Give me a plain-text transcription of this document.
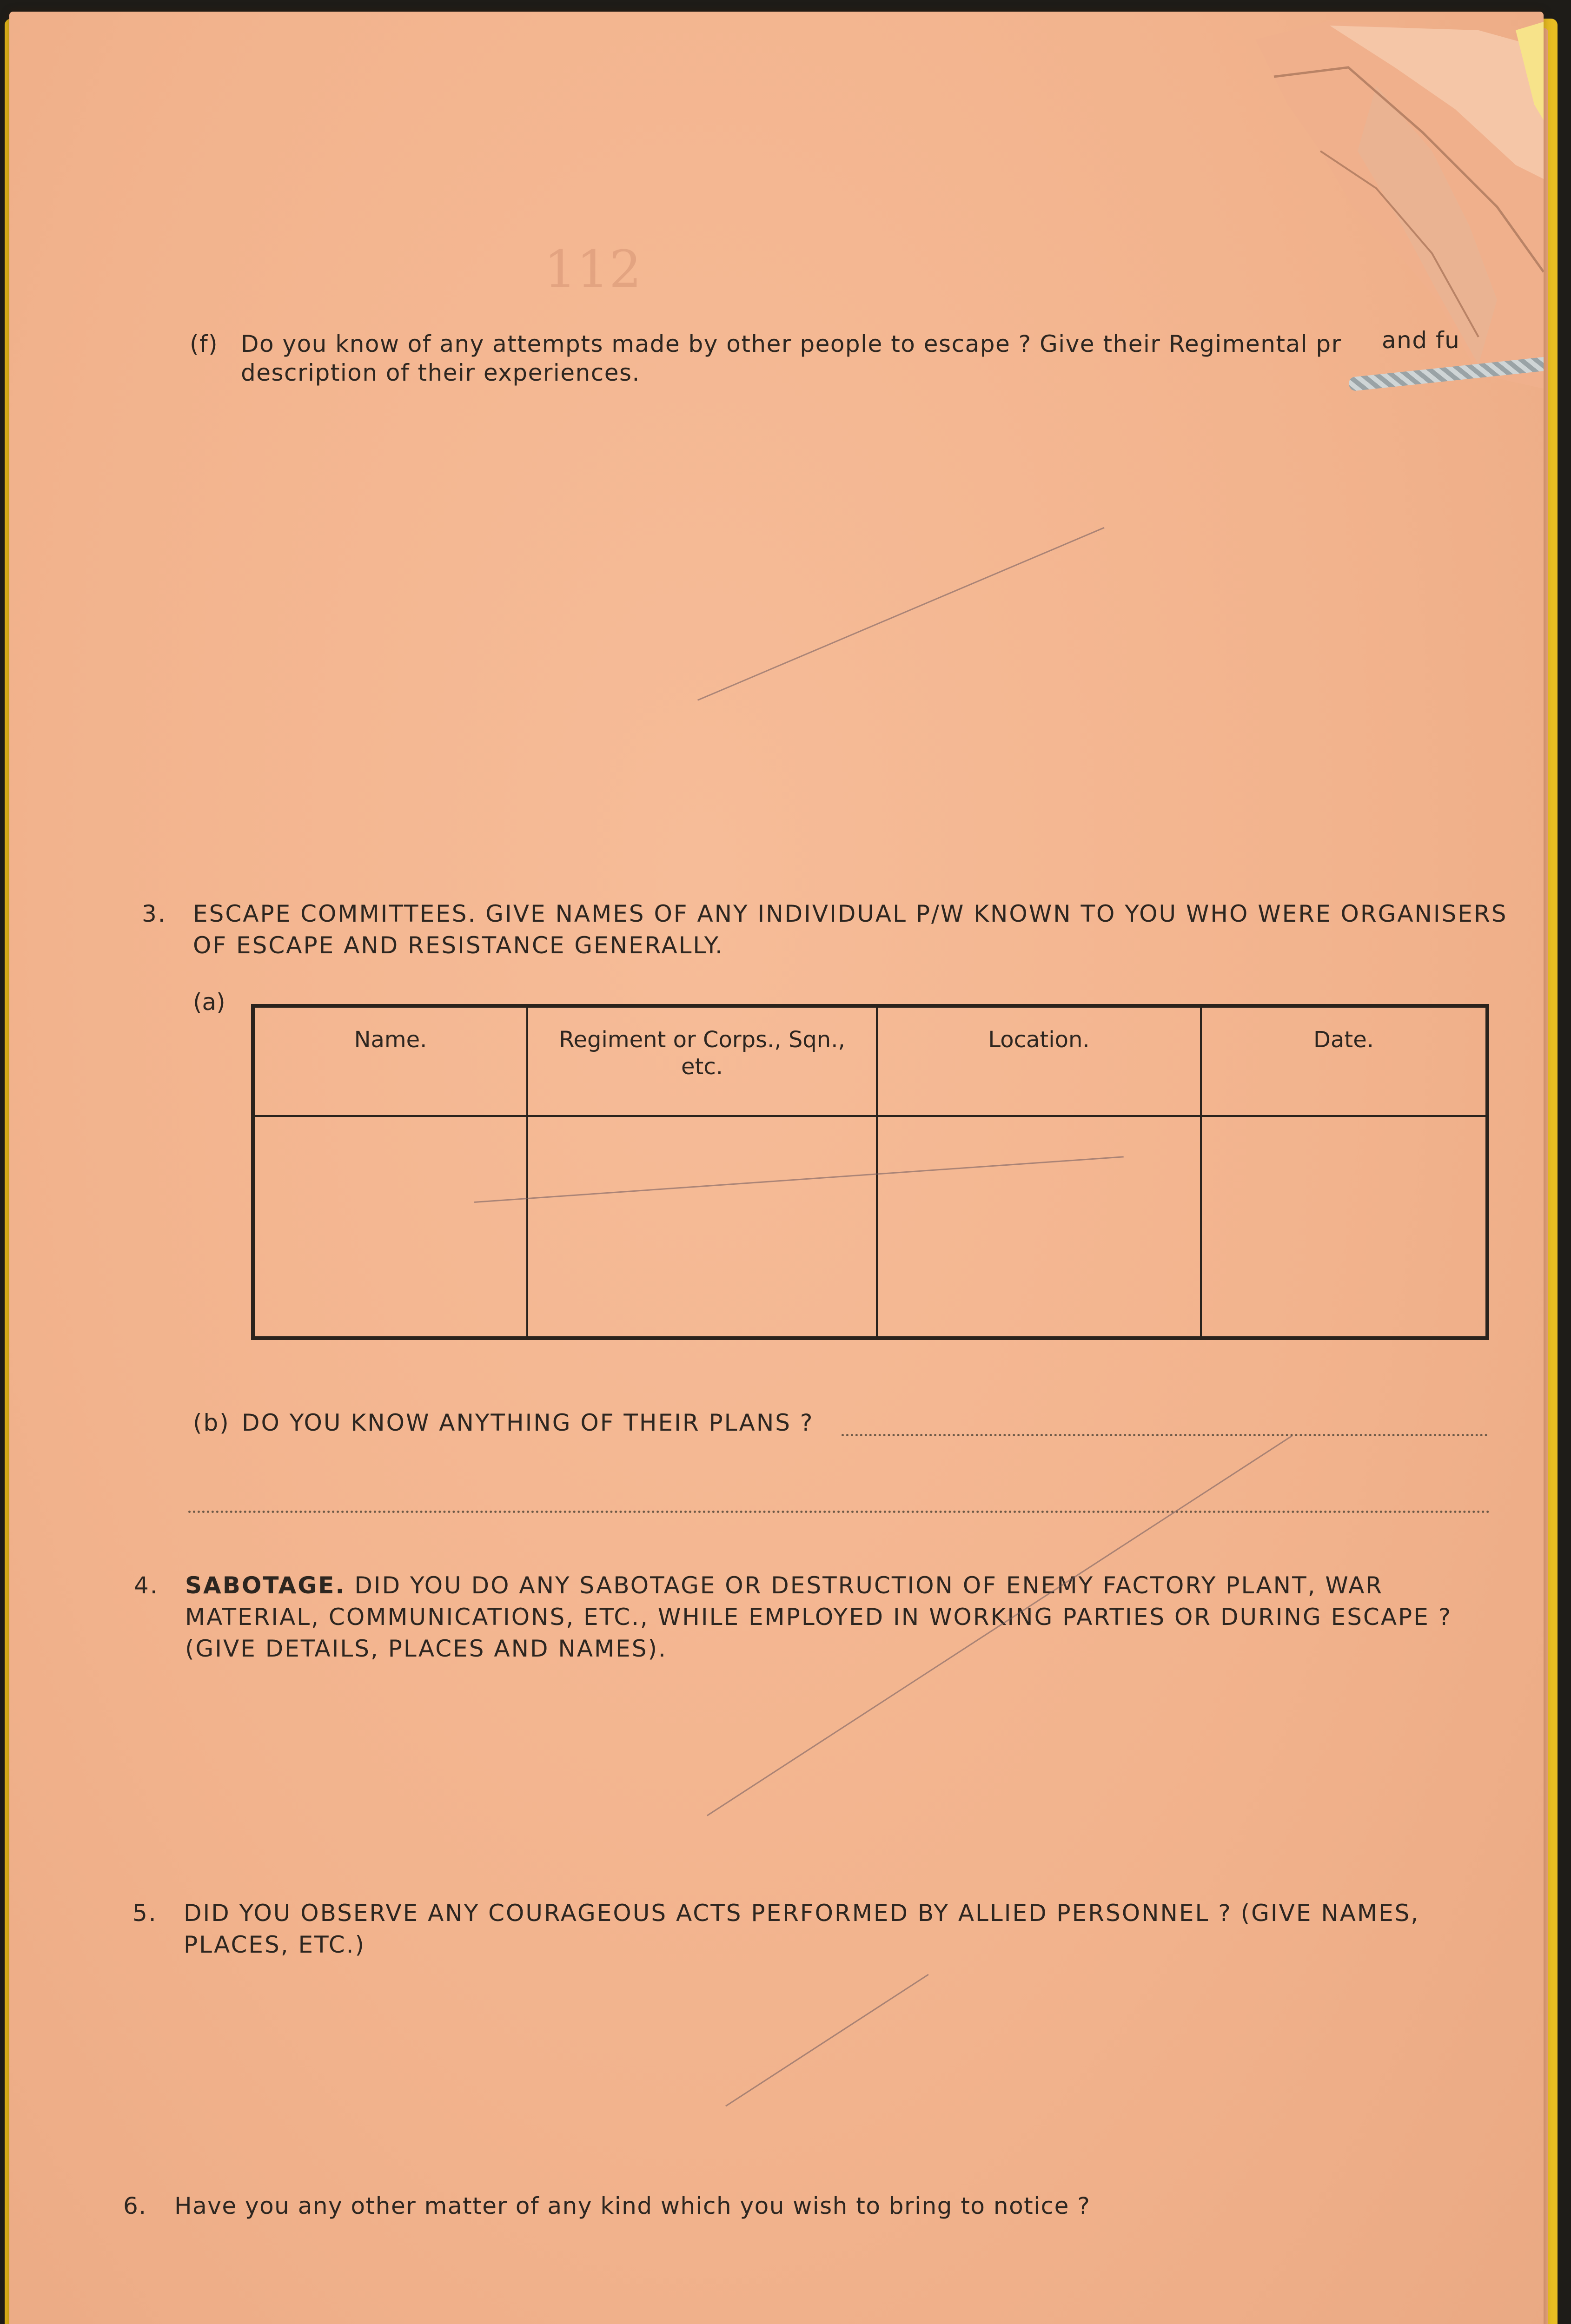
112
(f) Do you know of any attempts made by other people to escape ? Give their Regimental pr
description of their experiences.
and fu
3. ESCAPE COMMITTEES. GIVE NAMES OF ANY INDIVIDUAL P/W KNOWN TO YOU WHO WERE ORGANISERS
OF ESCAPE AND RESISTANCE GENERALLY.
(a)
Name.	Regiment or Corps., Sqn., etc.	Location.	Date.

(b) DO YOU KNOW ANYTHING OF THEIR PLANS ?
4. SABOTAGE. DID YOU DO ANY SABOTAGE OR DESTRUCTION OF ENEMY FACTORY PLANT, WAR
MATERIAL, COMMUNICATIONS, ETC., WHILE EMPLOYED IN WORKING PARTIES OR DURING ESCAPE ?
(GIVE DETAILS, PLACES AND NAMES).
5. DID YOU OBSERVE ANY COURAGEOUS ACTS PERFORMED BY ALLIED PERSONNEL ? (GIVE NAMES,
PLACES, ETC.)
6. Have you any other matter of any kind which you wish to bring to notice ?
